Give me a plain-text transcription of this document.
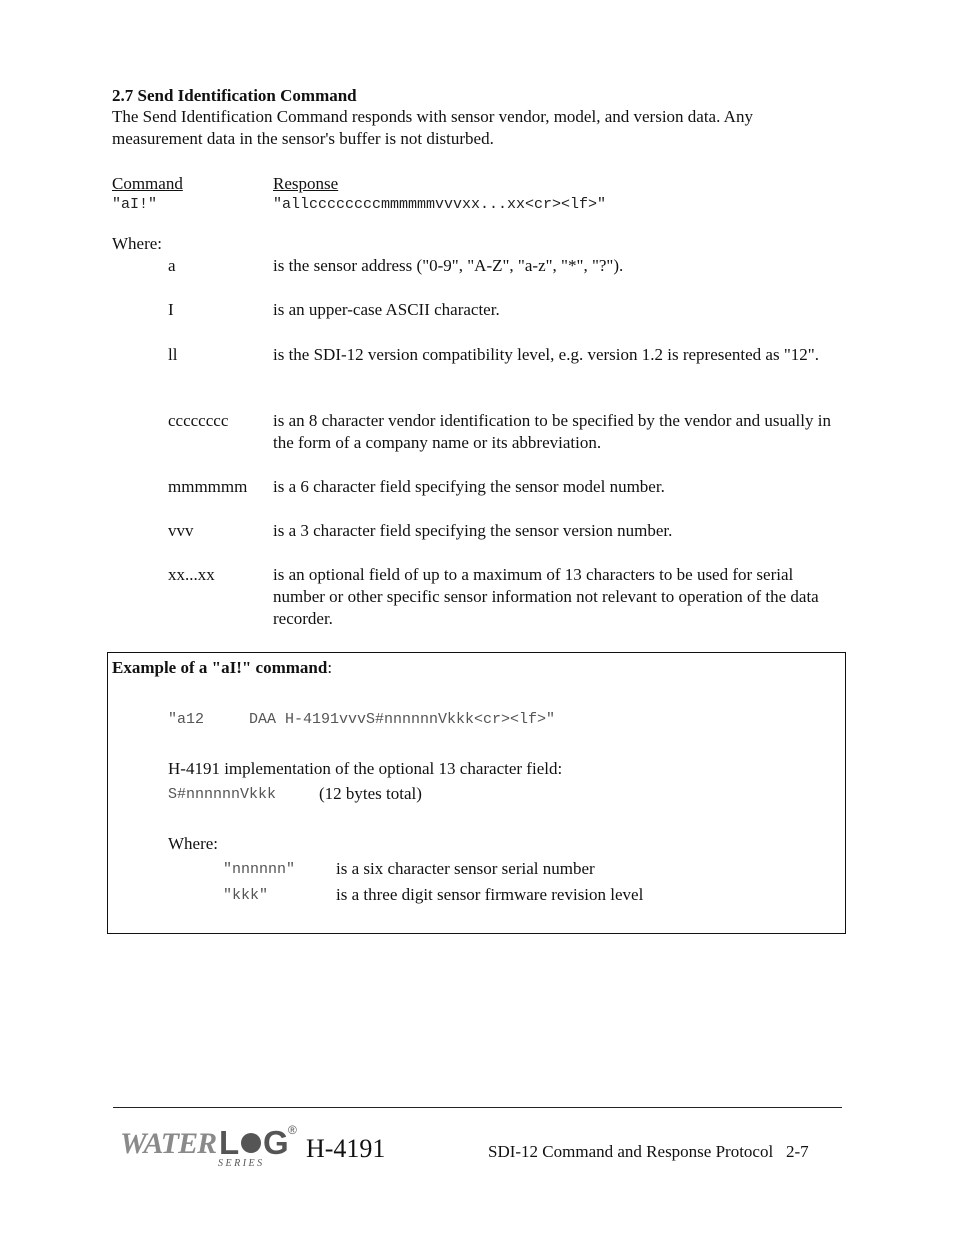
2.7 Send Identification Command
The Send Identification Command responds with sensor vendor, model, and version data. Any measurement data in the sensor's buffer is not disturbed.
Command	Response
"aI!"	"allccccccccmmmmmmvvvxx...xx<cr><lf>"
Where:
a	is the sensor address ("0-9", "A-Z", "a-z", "*", "?").
I	is an upper-case ASCII character.
ll	is the SDI-12 version compatibility level, e.g. version 1.2 is represented as "12".
cccccccc	is an 8 character vendor identification to be specified by the vendor and usually in the form of a company name or its abbreviation.
mmmmmm is a 6 character field specifying the sensor model number.
vvv	is a 3 character field specifying the sensor version number.
xx...xx	is an optional field of up to a maximum of 13 characters to be used for serial number or other specific sensor information not relevant to operation of the data recorder.
Example of a "aI!" command:
"a12     DAA H-4191vvvS#nnnnnnVkkk<cr><lf>"
H-4191 implementation of the optional 13 character field:
S#nnnnnnVkkk	(12 bytes total)
Where:
"nnnnnn" is a six character sensor serial number
"kkk"	is a three digit sensor firmware revision level
WATER L G ®
S E R I E S
H-4191	SDI-12 Command and Response Protocol   2-7
